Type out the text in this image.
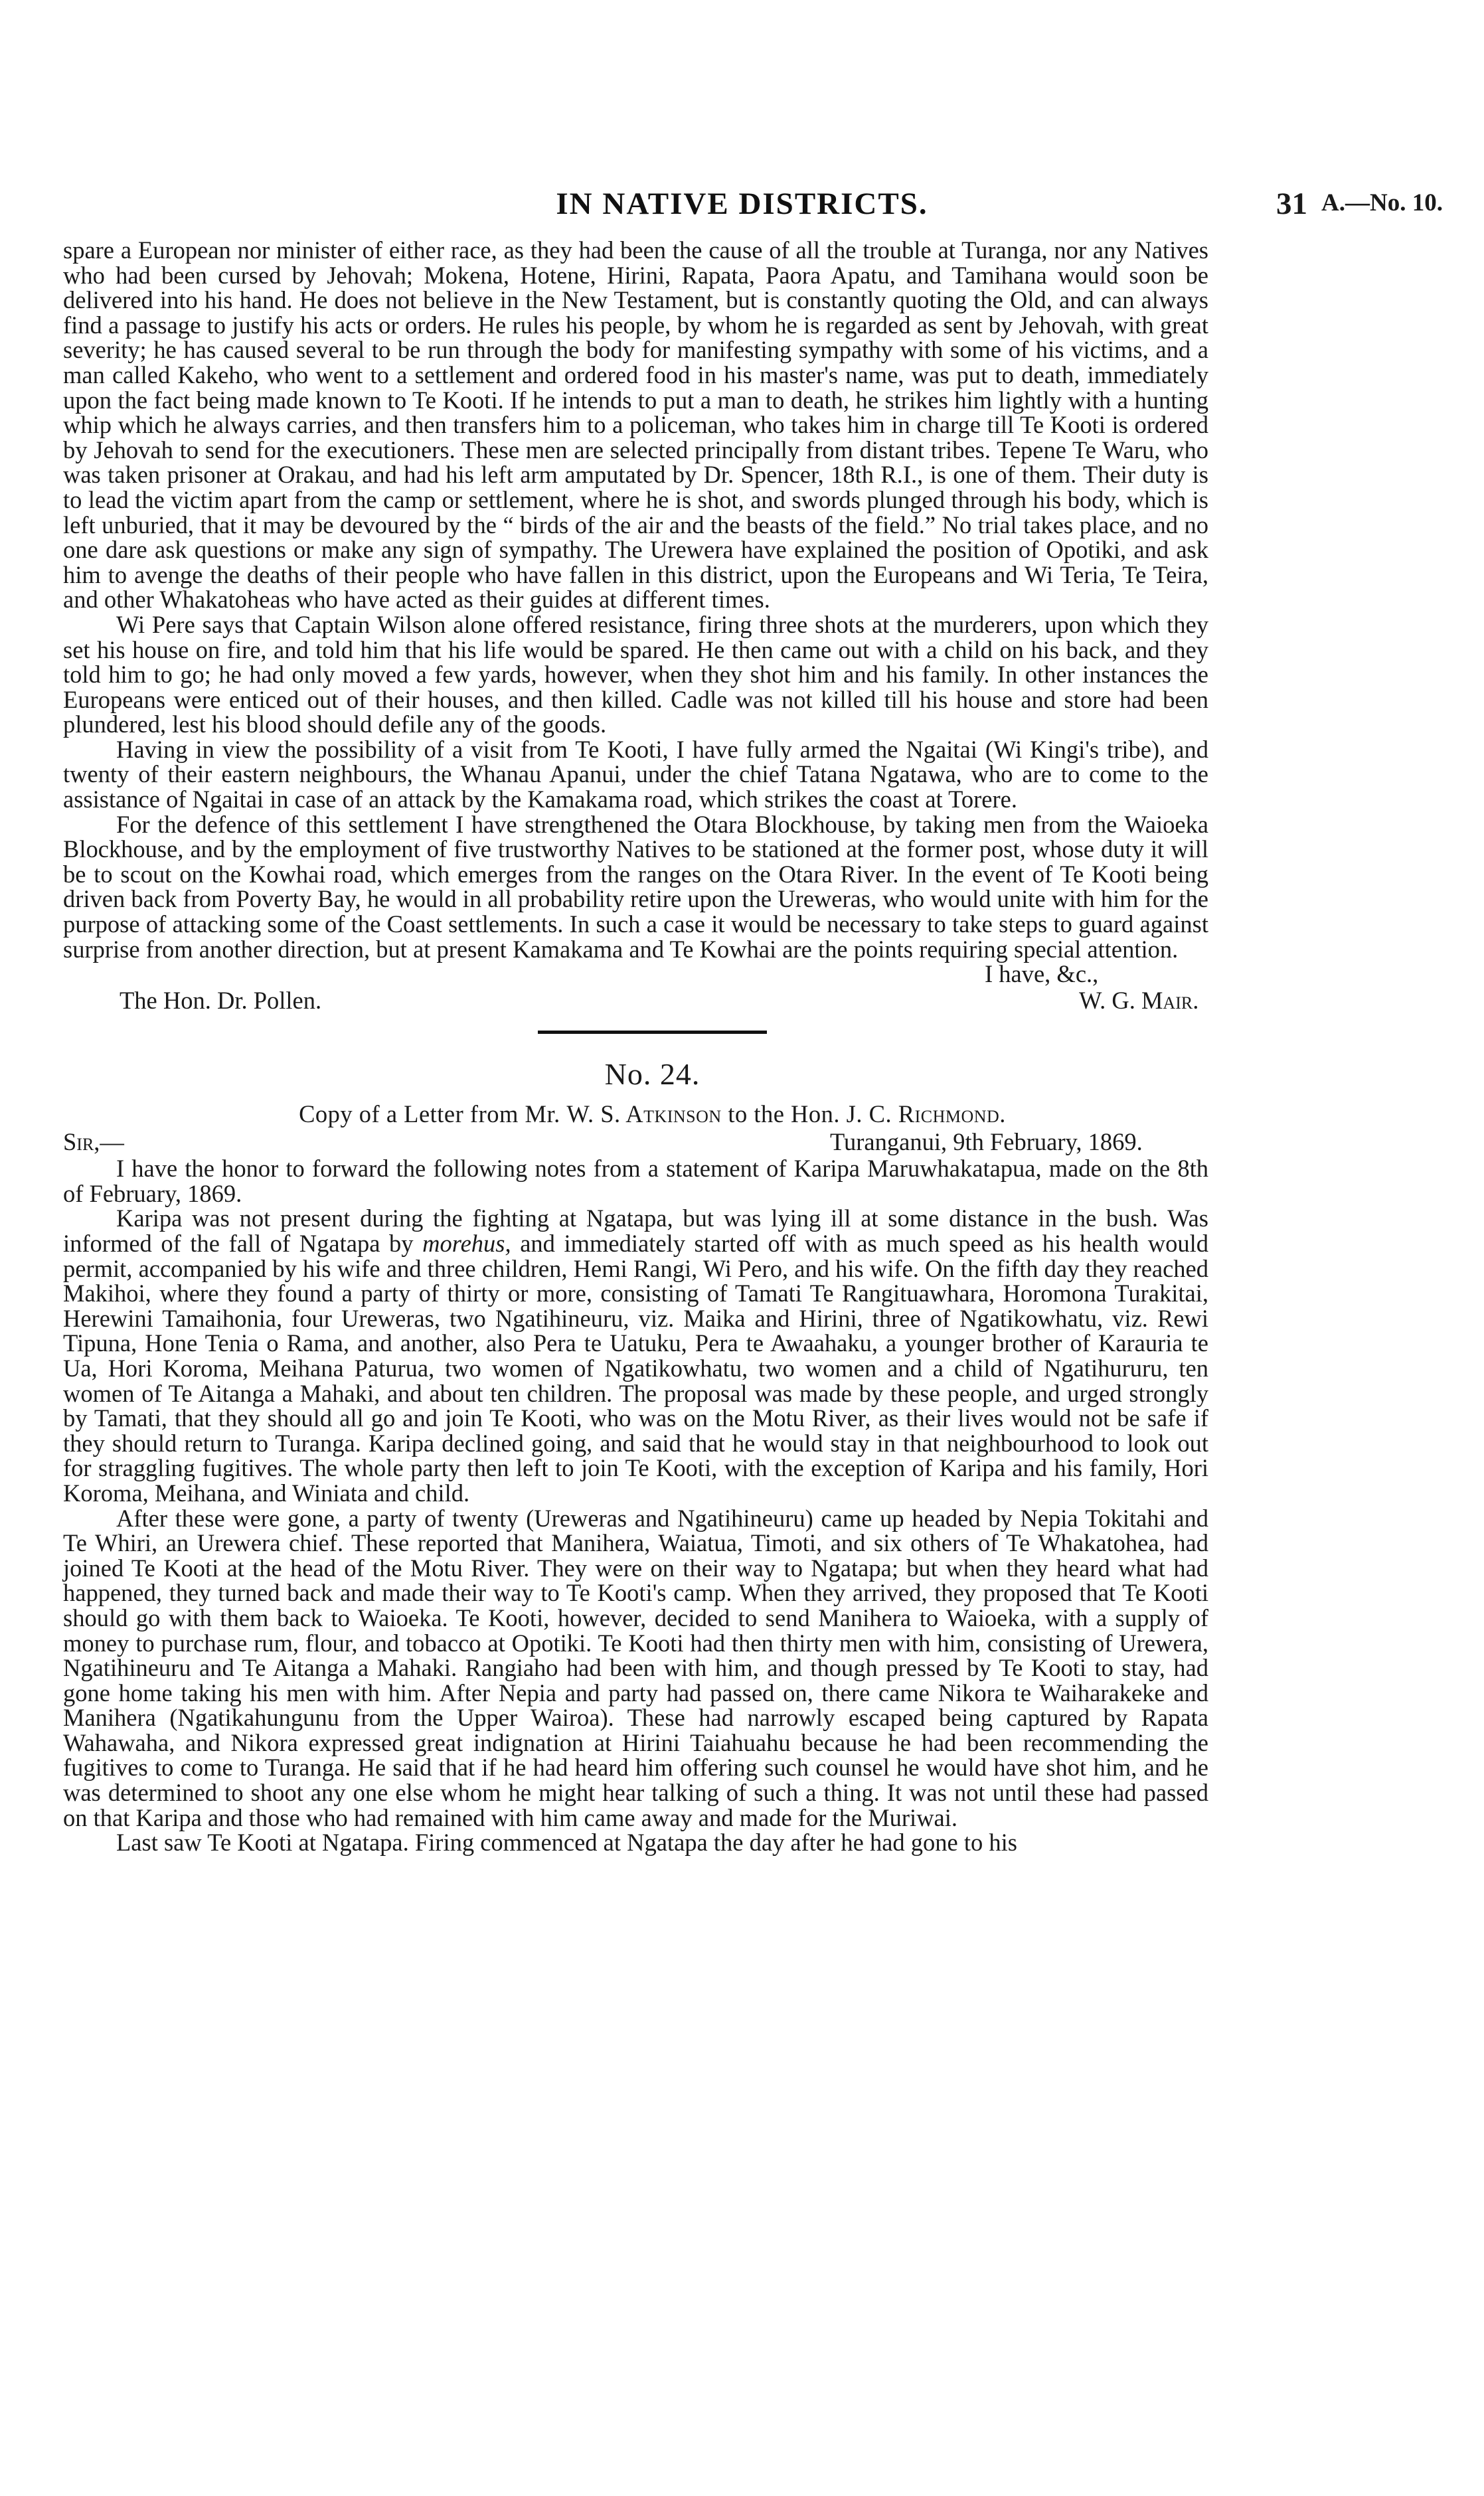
IN NATIVE DISTRICTS.	31 A.—No. 10.

spare a European nor minister of either race, as they had been the cause of all the trouble at Turanga, nor any Natives who had been cursed by Jehovah; Mokena, Hotene, Hirini, Rapata, Paora Apatu, and Tamihana would soon be delivered into his hand. He does not believe in the New Testament, but is constantly quoting the Old, and can always find a passage to justify his acts or orders. He rules his people, by whom he is regarded as sent by Jehovah, with great severity; he has caused several to be run through the body for manifesting sympathy with some of his victims, and a man called Kakeho, who went to a settlement and ordered food in his master's name, was put to death, immediately upon the fact being made known to Te Kooti. If he intends to put a man to death, he strikes him lightly with a hunting whip which he always carries, and then transfers him to a policeman, who takes him in charge till Te Kooti is ordered by Jehovah to send for the executioners. These men are selected principally from distant tribes. Tepene Te Waru, who was taken prisoner at Orakau, and had his left arm amputated by Dr. Spencer, 18th R.I., is one of them. Their duty is to lead the victim apart from the camp or settlement, where he is shot, and swords plunged through his body, which is left unburied, that it may be devoured by the “ birds of the air and the beasts of the field.” No trial takes place, and no one dare ask questions or make any sign of sympathy. The Urewera have explained the position of Opotiki, and ask him to avenge the deaths of their people who have fallen in this district, upon the Europeans and Wi Teria, Te Teira, and other Whakatoheas who have acted as their guides at different times.

Wi Pere says that Captain Wilson alone offered resistance, firing three shots at the murderers, upon which they set his house on fire, and told him that his life would be spared. He then came out with a child on his back, and they told him to go; he had only moved a few yards, however, when they shot him and his family. In other instances the Europeans were enticed out of their houses, and then killed. Cadle was not killed till his house and store had been plundered, lest his blood should defile any of the goods.

Having in view the possibility of a visit from Te Kooti, I have fully armed the Ngaitai (Wi Kingi's tribe), and twenty of their eastern neighbours, the Whanau Apanui, under the chief Tatana Ngatawa, who are to come to the assistance of Ngaitai in case of an attack by the Kamakama road, which strikes the coast at Torere.

For the defence of this settlement I have strengthened the Otara Blockhouse, by taking men from the Waioeka Blockhouse, and by the employment of five trustworthy Natives to be stationed at the former post, whose duty it will be to scout on the Kowhai road, which emerges from the ranges on the Otara River. In the event of Te Kooti being driven back from Poverty Bay, he would in all probability retire upon the Ureweras, who would unite with him for the purpose of attacking some of the Coast settlements. In such a case it would be necessary to take steps to guard against surprise from another direction, but at present Kamakama and Te Kowhai are the points requiring special attention.

I have, &c.,
The Hon. Dr. Pollen.	W. G. Mair.
No. 24.
Copy of a Letter from Mr. W. S. Atkinson to the Hon. J. C. Richmond.
Sir,—	Turanganui, 9th February, 1869.

I have the honor to forward the following notes from a statement of Karipa Maruwhakatapua, made on the 8th of February, 1869.

Karipa was not present during the fighting at Ngatapa, but was lying ill at some distance in the bush. Was informed of the fall of Ngatapa by morehus, and immediately started off with as much speed as his health would permit, accompanied by his wife and three children, Hemi Rangi, Wi Pero, and his wife. On the fifth day they reached Makihoi, where they found a party of thirty or more, consisting of Tamati Te Rangituawhara, Horomona Turakitai, Herewini Tamaihonia, four Ureweras, two Ngatihineuru, viz. Maika and Hirini, three of Ngatikowhatu, viz. Rewi Tipuna, Hone Tenia o Rama, and another, also Pera te Uatuku, Pera te Awaahaku, a younger brother of Karauria te Ua, Hori Koroma, Meihana Paturua, two women of Ngatikowhatu, two women and a child of Ngatihururu, ten women of Te Aitanga a Mahaki, and about ten children. The proposal was made by these people, and urged strongly by Tamati, that they should all go and join Te Kooti, who was on the Motu River, as their lives would not be safe if they should return to Turanga. Karipa declined going, and said that he would stay in that neighbourhood to look out for straggling fugitives. The whole party then left to join Te Kooti, with the exception of Karipa and his family, Hori Koroma, Meihana, and Winiata and child.

After these were gone, a party of twenty (Ureweras and Ngatihineuru) came up headed by Nepia Tokitahi and Te Whiri, an Urewera chief. These reported that Manihera, Waiatua, Timoti, and six others of Te Whakatohea, had joined Te Kooti at the head of the Motu River. They were on their way to Ngatapa; but when they heard what had happened, they turned back and made their way to Te Kooti's camp. When they arrived, they proposed that Te Kooti should go with them back to Waioeka. Te Kooti, however, decided to send Manihera to Waioeka, with a supply of money to purchase rum, flour, and tobacco at Opotiki. Te Kooti had then thirty men with him, consisting of Urewera, Ngatihineuru and Te Aitanga a Mahaki. Rangiaho had been with him, and though pressed by Te Kooti to stay, had gone home taking his men with him. After Nepia and party had passed on, there came Nikora te Waiharakeke and Manihera (Ngatikahungunu from the Upper Wairoa). These had narrowly escaped being captured by Rapata Wahawaha, and Nikora expressed great indignation at Hirini Taiahuahu because he had been recommending the fugitives to come to Turanga. He said that if he had heard him offering such counsel he would have shot him, and he was determined to shoot any one else whom he might hear talking of such a thing. It was not until these had passed on that Karipa and those who had remained with him came away and made for the Muriwai.

Last saw Te Kooti at Ngatapa. Firing commenced at Ngatapa the day after he had gone to his
